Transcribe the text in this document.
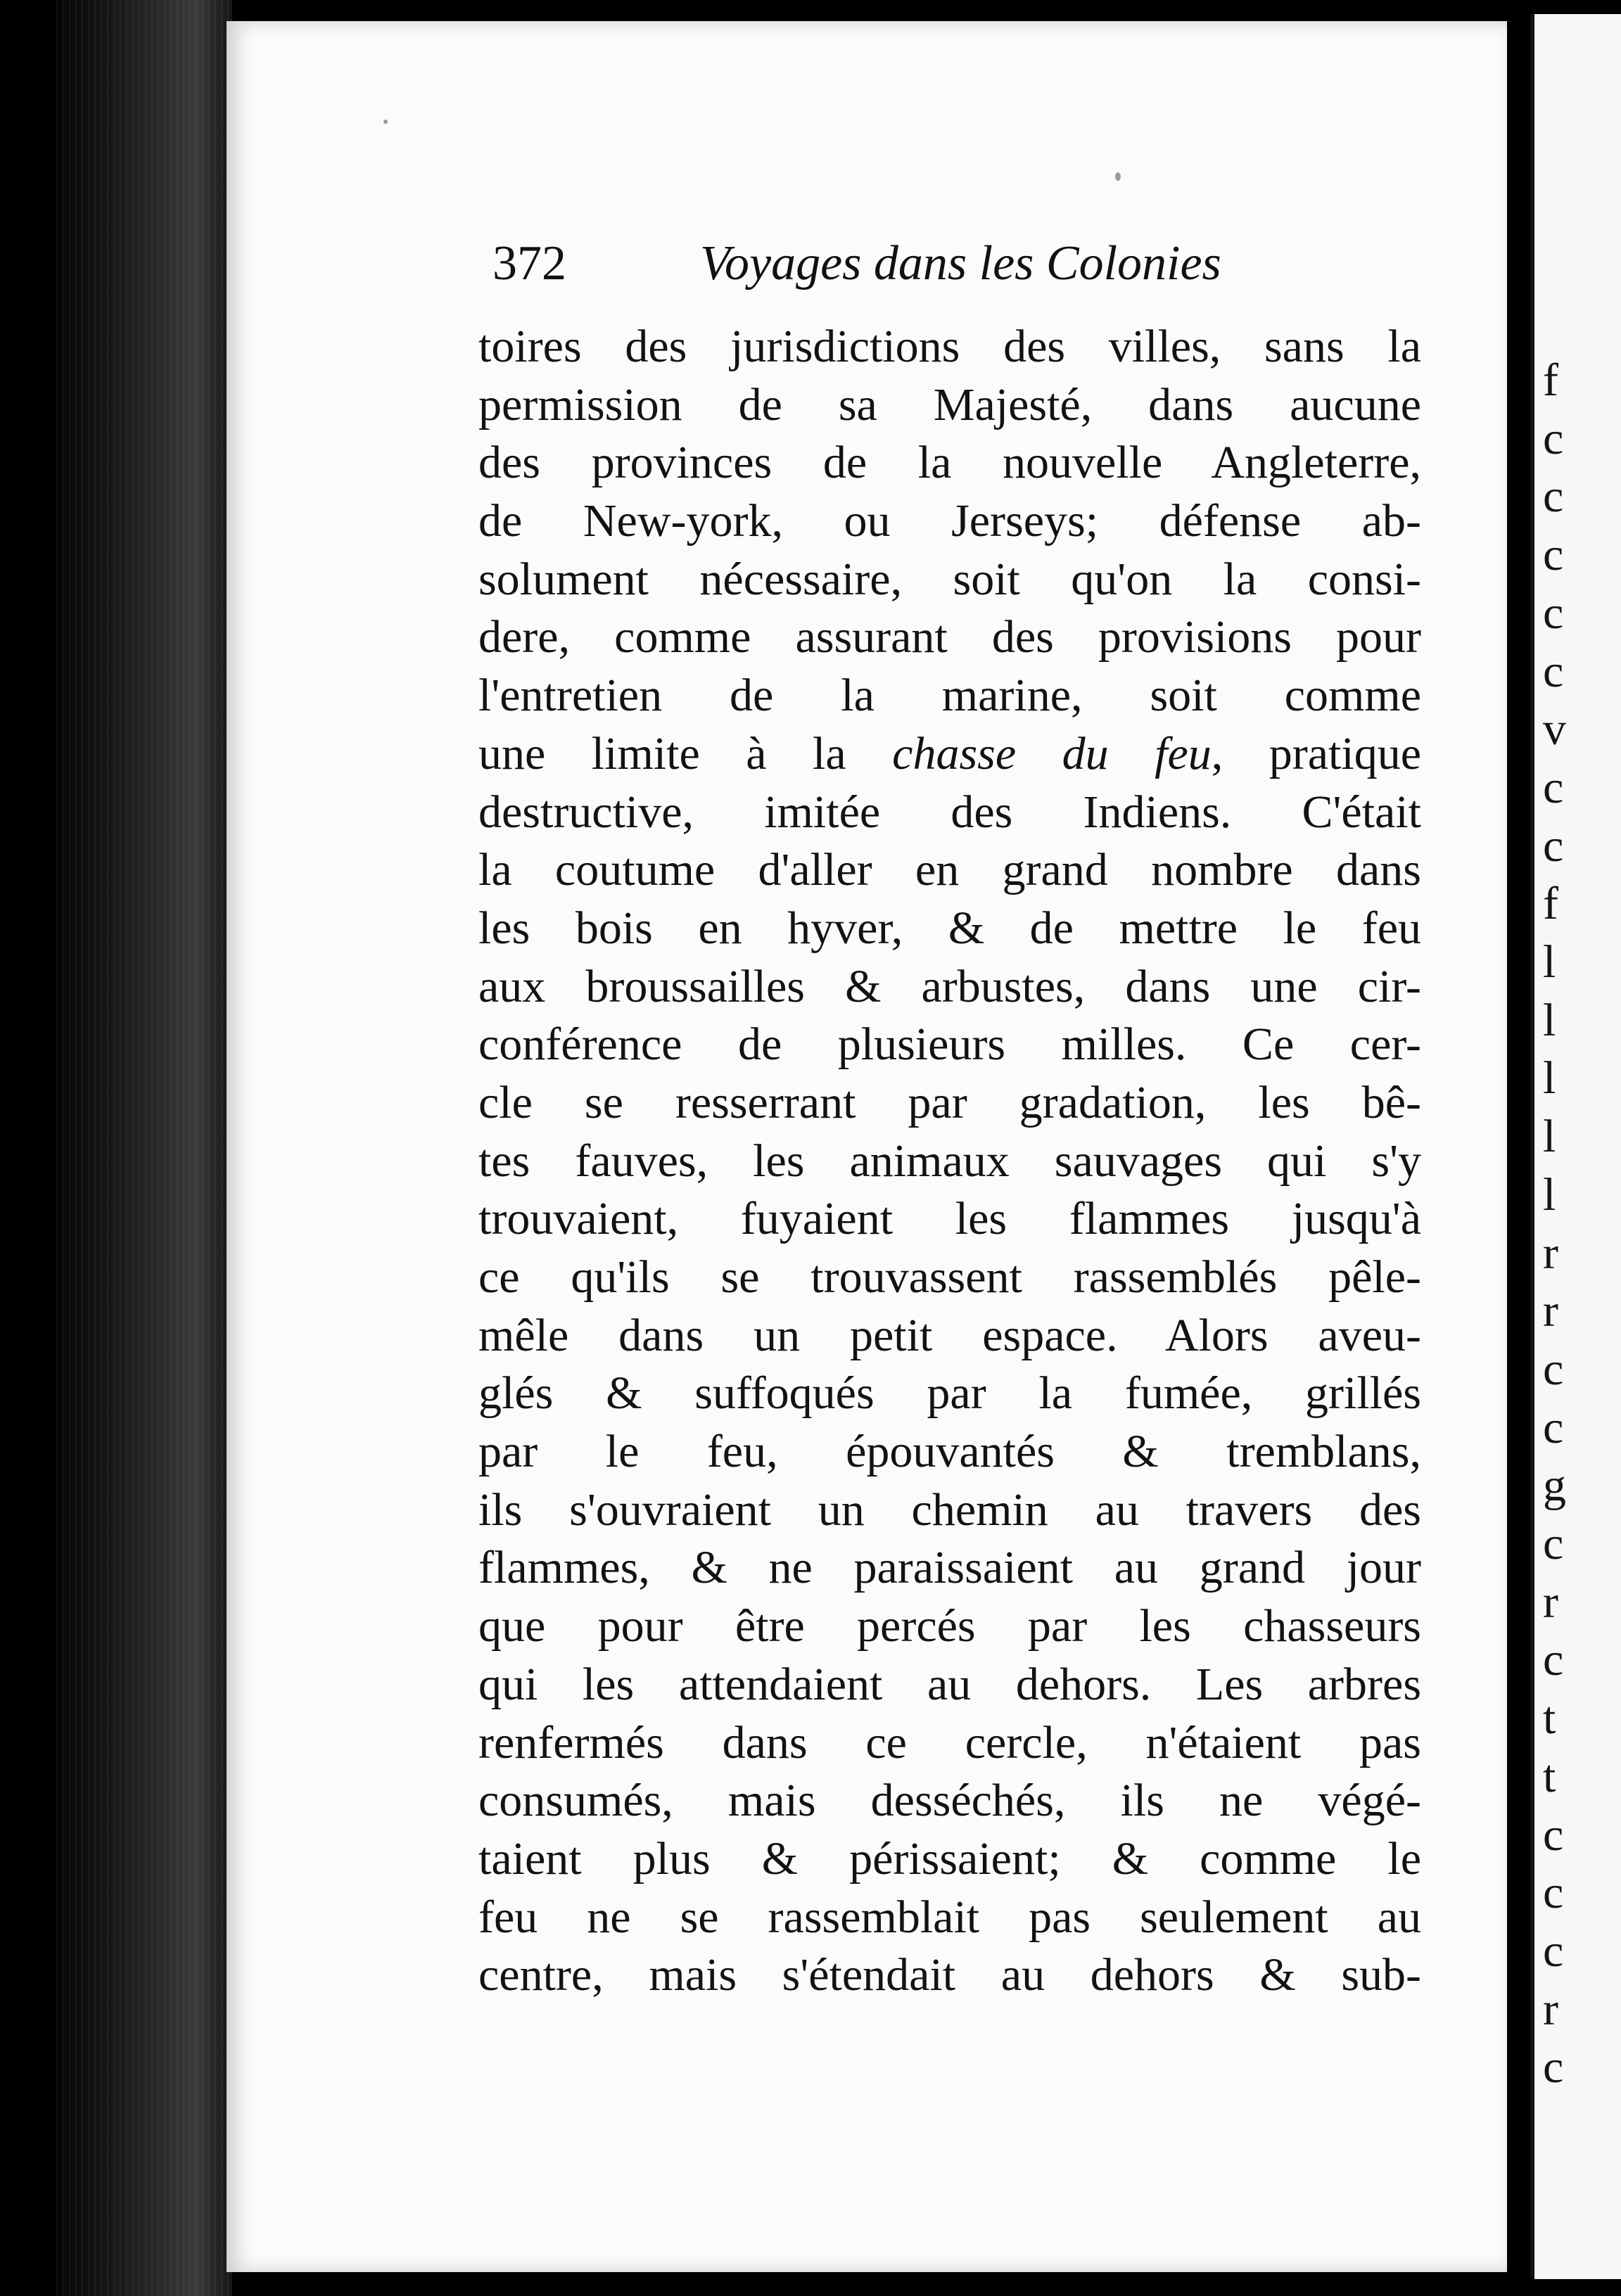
372	Voyages dans les Colonies
toires des jurisdictions des villes, sans la
permission de sa Majesté, dans aucune
des provinces de la nouvelle Angleterre,
de New-york, ou Jerseys; défense ab-
solument nécessaire, soit qu'on la consi-
dere, comme assurant des provisions pour
l'entretien de la marine, soit comme
une limite à la chasse du feu, pratique
destructive, imitée des Indiens. C'était
la coutume d'aller en grand nombre dans
les bois en hyver, & de mettre le feu
aux broussailles & arbustes, dans une cir-
conférence de plusieurs milles. Ce cer-
cle se resserrant par gradation, les bê-
tes fauves, les animaux sauvages qui s'y
trouvaient, fuyaient les flammes jusqu'à
ce qu'ils se trouvassent rassemblés pêle-
mêle dans un petit espace. Alors aveu-
glés & suffoqués par la fumée, grillés
par le feu, épouvantés & tremblans,
ils s'ouvraient un chemin au travers des
flammes, & ne paraissaient au grand jour
que pour être percés par les chasseurs
qui les attendaient au dehors. Les arbres
renfermés dans ce cercle, n'étaient pas
consumés, mais desséchés, ils ne végé-
taient plus & périssaient; & comme le
feu ne se rassemblait pas seulement au
centre, mais s'étendait au dehors & sub-
f
c
c
c
c
c
v
c
c
f
l
l
l
l
l
r
r
c
c
g
c
r
c
t
t
c
c
c
r
c
